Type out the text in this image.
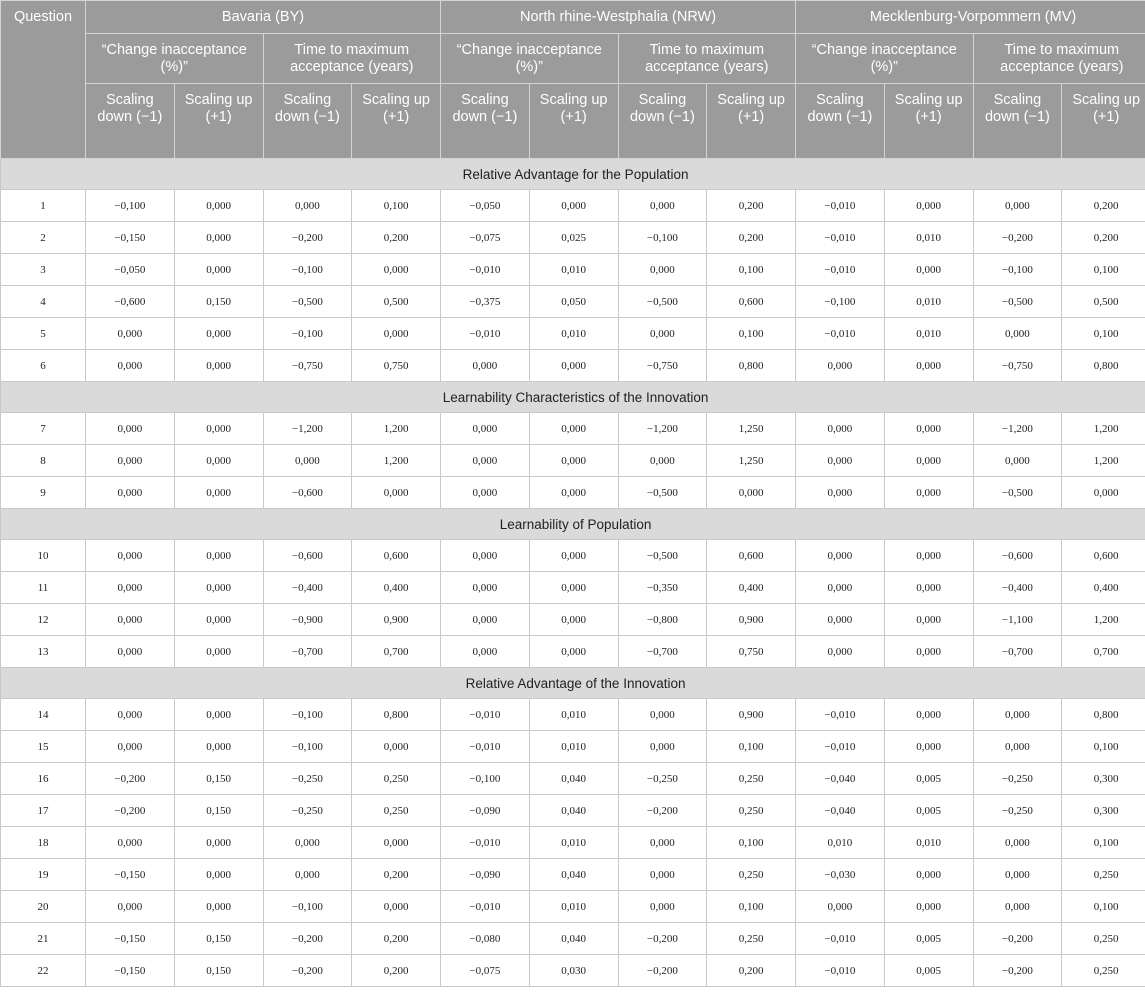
Question	Bavaria (BY)				North rhine-Westphalia (NRW)				Mecklenburg-Vorpommern (MV)			
	“Change inacceptance (%)”		Time to maximum acceptance (years)		“Change inacceptance (%)”		Time to maximum acceptance (years)		“Change inacceptance (%)”		Time to maximum acceptance (years)	
	Scaling down (−1)	Scaling up (+1)	Scaling down (−1)	Scaling up (+1)	Scaling down (−1)	Scaling up (+1)	Scaling down (−1)	Scaling up (+1)	Scaling down (−1)	Scaling up (+1)	Scaling down (−1)	Scaling up (+1)
Relative Advantage for the Population												
1	−0,100	0,000	0,000	0,100	−0,050	0,000	0,000	0,200	−0,010	0,000	0,000	0,200
2	−0,150	0,000	−0,200	0,200	−0,075	0,025	−0,100	0,200	−0,010	0,010	−0,200	0,200
3	−0,050	0,000	−0,100	0,000	−0,010	0,010	0,000	0,100	−0,010	0,000	−0,100	0,100
4	−0,600	0,150	−0,500	0,500	−0,375	0,050	−0,500	0,600	−0,100	0,010	−0,500	0,500
5	0,000	0,000	−0,100	0,000	−0,010	0,010	0,000	0,100	−0,010	0,010	0,000	0,100
6	0,000	0,000	−0,750	0,750	0,000	0,000	−0,750	0,800	0,000	0,000	−0,750	0,800
Learnability Characteristics of the Innovation												
7	0,000	0,000	−1,200	1,200	0,000	0,000	−1,200	1,250	0,000	0,000	−1,200	1,200
8	0,000	0,000	0,000	1,200	0,000	0,000	0,000	1,250	0,000	0,000	0,000	1,200
9	0,000	0,000	−0,600	0,000	0,000	0,000	−0,500	0,000	0,000	0,000	−0,500	0,000
Learnability of Population												
10	0,000	0,000	−0,600	0,600	0,000	0,000	−0,500	0,600	0,000	0,000	−0,600	0,600
11	0,000	0,000	−0,400	0,400	0,000	0,000	−0,350	0,400	0,000	0,000	−0,400	0,400
12	0,000	0,000	−0,900	0,900	0,000	0,000	−0,800	0,900	0,000	0,000	−1,100	1,200
13	0,000	0,000	−0,700	0,700	0,000	0,000	−0,700	0,750	0,000	0,000	−0,700	0,700
Relative Advantage of the Innovation												
14	0,000	0,000	−0,100	0,800	−0,010	0,010	0,000	0,900	−0,010	0,000	0,000	0,800
15	0,000	0,000	−0,100	0,000	−0,010	0,010	0,000	0,100	−0,010	0,000	0,000	0,100
16	−0,200	0,150	−0,250	0,250	−0,100	0,040	−0,250	0,250	−0,040	0,005	−0,250	0,300
17	−0,200	0,150	−0,250	0,250	−0,090	0,040	−0,200	0,250	−0,040	0,005	−0,250	0,300
18	0,000	0,000	0,000	0,000	−0,010	0,010	0,000	0,100	0,010	0,010	0,000	0,100
19	−0,150	0,000	0,000	0,200	−0,090	0,040	0,000	0,250	−0,030	0,000	0,000	0,250
20	0,000	0,000	−0,100	0,000	−0,010	0,010	0,000	0,100	0,000	0,000	0,000	0,100
21	−0,150	0,150	−0,200	0,200	−0,080	0,040	−0,200	0,250	−0,010	0,005	−0,200	0,250
22	−0,150	0,150	−0,200	0,200	−0,075	0,030	−0,200	0,200	−0,010	0,005	−0,200	0,250
